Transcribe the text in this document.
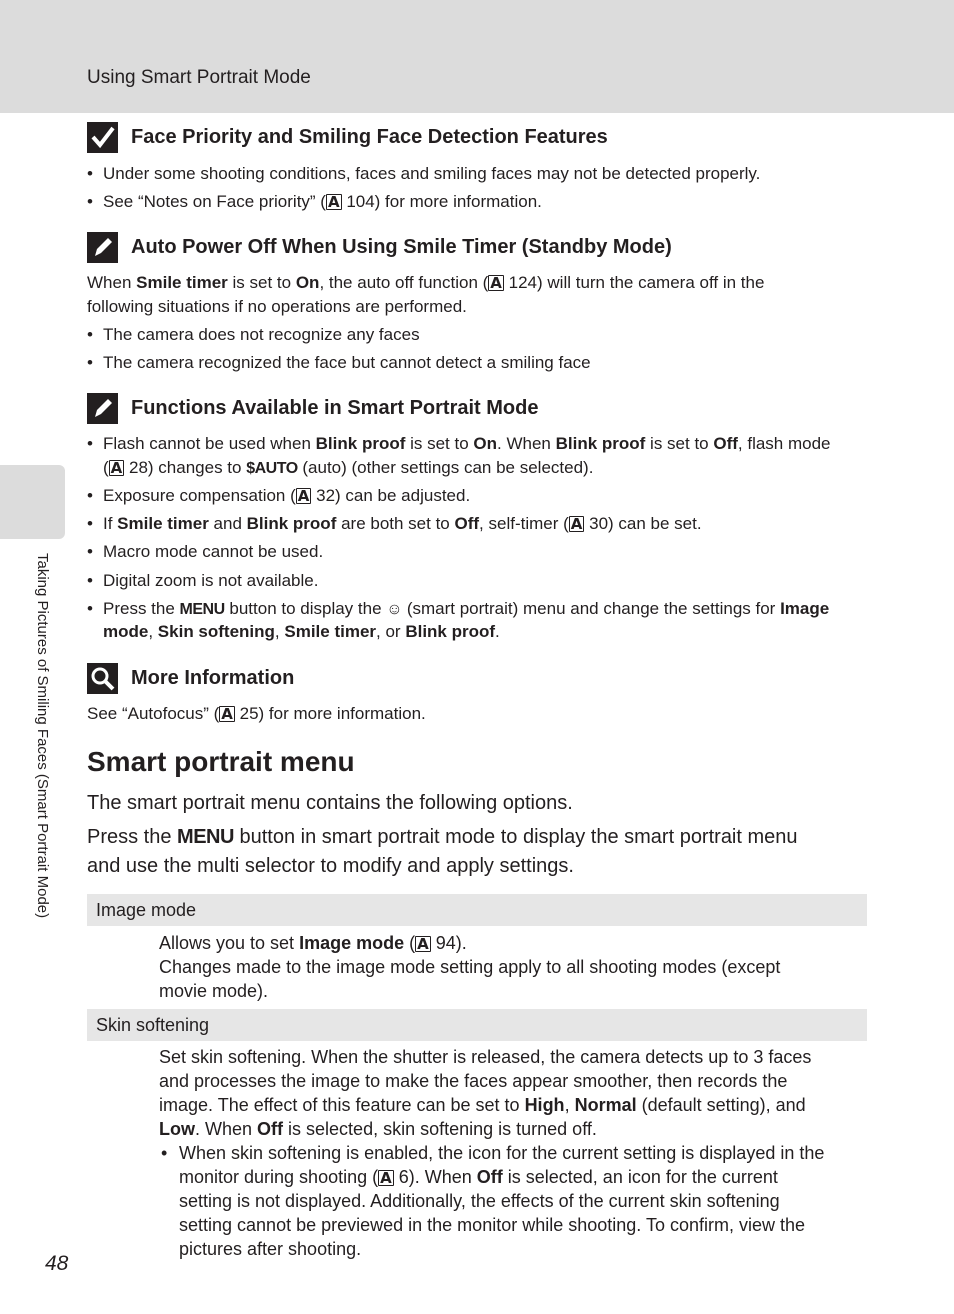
Using Smart Portrait Mode
Taking Pictures of Smiling Faces (Smart Portrait Mode)
Face Priority and Smiling Face Detection Features
• Under some shooting conditions, faces and smiling faces may not be detected properly.
• See “Notes on Face priority” ( A 104) for more information.
Auto Power Off When Using Smile Timer (Standby Mode)
When Smile timer is set to On, the auto off function ( A 124) will turn the camera off in the
following situations if no operations are performed.
• The camera does not recognize any faces
• The camera recognized the face but cannot detect a smiling face
Functions Available in Smart Portrait Mode
• Flash cannot be used when Blink proof is set to On. When Blink proof is set to Off, flash mode
( A 28) changes to $AUTO (auto) (other settings can be selected).
• Exposure compensation ( A 32) can be adjusted.
• If Smile timer and Blink proof are both set to Off, self-timer ( A 30) can be set.
• Macro mode cannot be used.
• Digital zoom is not available.
• Press the MENU button to display the ☺ (smart portrait) menu and change the settings for Image
mode, Skin softening, Smile timer, or Blink proof.
More Information
See “Autofocus” ( A 25) for more information.
Smart portrait menu
The smart portrait menu contains the following options.
Press the MENU button in smart portrait mode to display the smart portrait menu
and use the multi selector to modify and apply settings.
Image mode
Allows you to set Image mode ( A 94).
Changes made to the image mode setting apply to all shooting modes (except
movie mode).
Skin softening
Set skin softening. When the shutter is released, the camera detects up to 3 faces
and processes the image to make the faces appear smoother, then records the
image. The effect of this feature can be set to High, Normal (default setting), and
Low. When Off is selected, skin softening is turned off.
• When skin softening is enabled, the icon for the current setting is displayed in the
monitor during shooting ( A 6). When Off is selected, an icon for the current
setting is not displayed. Additionally, the effects of the current skin softening
setting cannot be previewed in the monitor while shooting. To confirm, view the
pictures after shooting.
48
